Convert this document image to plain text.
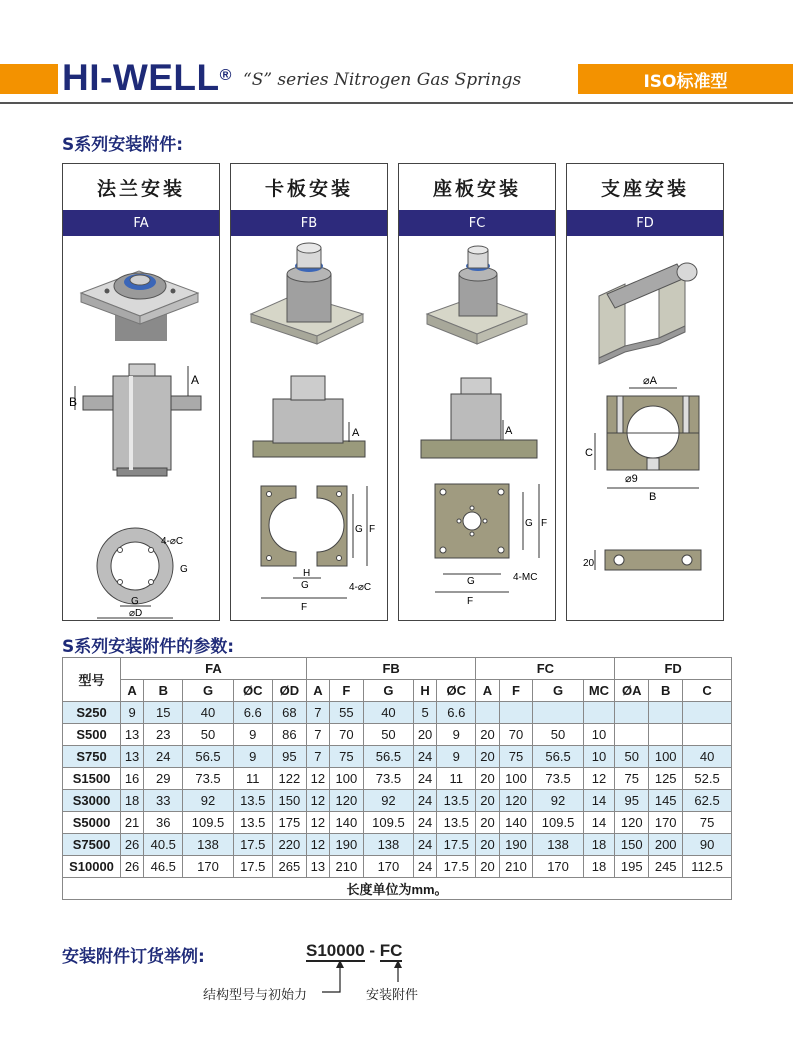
HI-WELL® “S” series Nitrogen Gas Springs	ISO标准型
S系列安装附件:
法兰安装
FA
B
A
4-⌀C
G
G
⌀D
卡板安装
FB
A
G F
H
G
F
4-⌀C
座板安装
FC
A
G F
G
F
4-MC
支座安装
FD
⌀A
C
⌀9
B
20
S系列安装附件的参数:
型号	FA					FB					FC				FD		
	A	B	G	ØC	ØD	A	F	G	H	ØC	A	F	G	MC	ØA	B	C
S250	9	15	40	6.6	68	7	55	40	5	6.6							
S500	13	23	50	9	86	7	70	50	20	9	20	70	50	10			
S750	13	24	56.5	9	95	7	75	56.5	24	9	20	75	56.5	10	50	100	40
S1500	16	29	73.5	11	122	12	100	73.5	24	11	20	100	73.5	12	75	125	52.5
S3000	18	33	92	13.5	150	12	120	92	24	13.5	20	120	92	14	95	145	62.5
S5000	21	36	109.5	13.5	175	12	140	109.5	24	13.5	20	140	109.5	14	120	170	75
S7500	26	40.5	138	17.5	220	12	190	138	24	17.5	20	190	138	18	150	200	90
S10000	26	46.5	170	17.5	265	13	210	170	24	17.5	20	210	170	18	195	245	112.5
长度单位为mm。																	
安装附件订货举例:	S10000 - FC
结构型号与初始力	安装附件
